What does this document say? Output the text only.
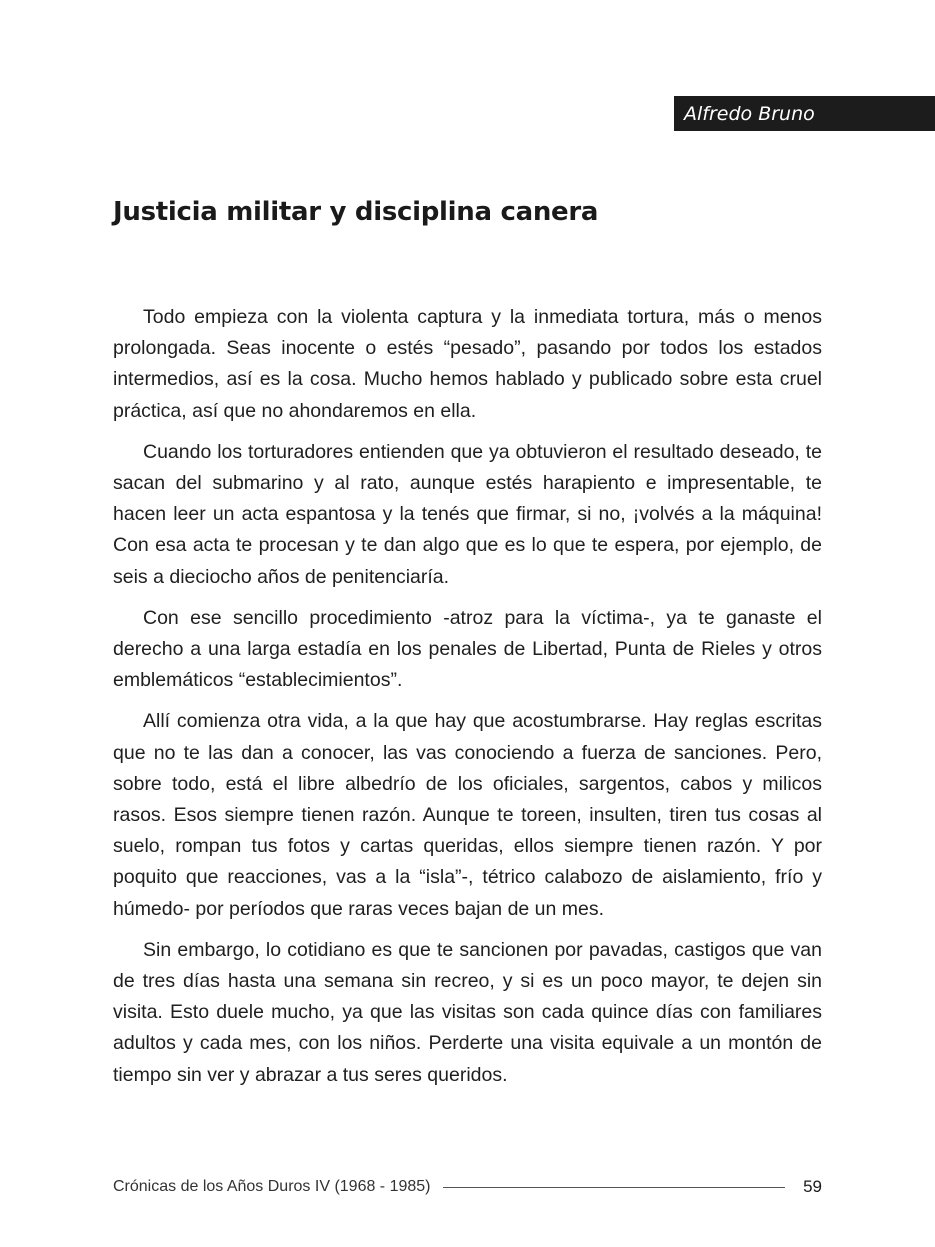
Alfredo Bruno
Justicia militar y disciplina canera

Todo empieza con la violenta captura y la inmediata tortura, más o menos prolongada. Seas inocente o estés “pesado”, pasando por todos los estados intermedios, así es la cosa. Mucho hemos hablado y publicado sobre esta cruel práctica, así que no ahondaremos en ella.

Cuando los torturadores entienden que ya obtuvieron el resultado deseado, te sacan del submarino y al rato, aunque estés harapiento e impresentable, te hacen leer un acta espantosa y la tenés que firmar, si no, ¡volvés a la máquina! Con esa acta te procesan y te dan algo que es lo que te espera, por ejemplo, de seis a dieciocho años de penitenciaría.

Con ese sencillo procedimiento -atroz para la víctima-, ya te ganaste el derecho a una larga estadía en los penales de Libertad, Punta de Rieles y otros emblemáticos “establecimientos”.

Allí comienza otra vida, a la que hay que acostumbrarse. Hay reglas escritas que no te las dan a conocer, las vas conociendo a fuerza de sanciones. Pero, sobre todo, está el libre albedrío de los oficiales, sargentos, cabos y milicos rasos. Esos siempre tienen razón. Aunque te toreen, insulten, tiren tus cosas al suelo, rompan tus fotos y cartas queridas, ellos siempre tienen razón. Y por poquito que reacciones, vas a la “isla”-, tétrico calabozo de aislamiento, frío y húmedo- por períodos que raras veces bajan de un mes.

Sin embargo, lo cotidiano es que te sancionen por pavadas, castigos que van de tres días hasta una semana sin recreo, y si es un poco mayor, te dejen sin visita. Esto duele mucho, ya que las visitas son cada quince días con familiares adultos y cada mes, con los niños. Perderte una visita equivale a un montón de tiempo sin ver y abrazar a tus seres queridos.

Crónicas de los Años Duros IV (1968 - 1985)	59
